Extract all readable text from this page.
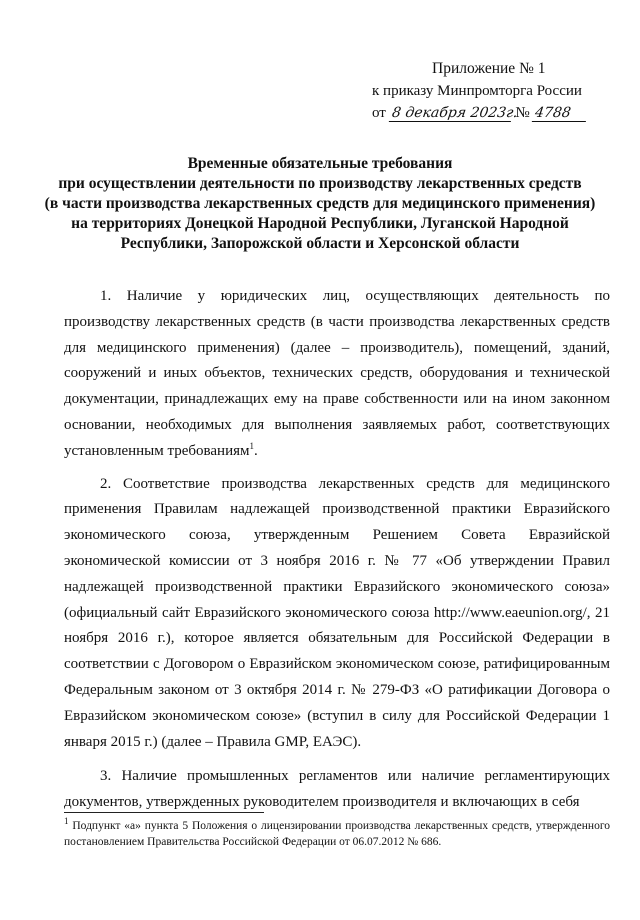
Приложение № 1
к приказу Минпромторга России
от 8 декабря 2023г. № 4788
Временные обязательные требования
при осуществлении деятельности по производству лекарственных средств
(в части производства лекарственных средств для медицинского применения)
на территориях Донецкой Народной Республики, Луганской Народной
Республики, Запорожской области и Херсонской области

1. Наличие у юридических лиц, осуществляющих деятельность по производству лекарственных средств (в части производства лекарственных средств для медицинского применения) (далее – производитель), помещений, зданий, сооружений и иных объектов, технических средств, оборудования и технической документации, принадлежащих ему на праве собственности или на ином законном основании, необходимых для выполнения заявляемых работ, соответствующих установленным требованиям$^1$.

2. Соответствие производства лекарственных средств для медицинского применения Правилам надлежащей производственной практики Евразийского экономического союза, утвержденным Решением Совета Евразийской экономической комиссии от 3 ноября 2016 г. № 77 «Об утверждении Правил надлежащей производственной практики Евразийского экономического союза» (официальный сайт Евразийского экономического союза http://www.eaeunion.org/, 21 ноября 2016 г.), которое является обязательным для Российской Федерации в соответствии с Договором о Евразийском экономическом союзе, ратифицированным Федеральным законом от 3 октября 2014 г. № 279-ФЗ «О ратификации Договора о Евразийском экономическом союзе» (вступил в силу для Российской Федерации 1 января 2015 г.) (далее – Правила GMP, ЕАЭС).

3. Наличие промышленных регламентов или наличие регламентирующих документов, утвержденных руководителем производителя и включающих в себя

$^1$ Подпункт «а» пункта 5 Положения о лицензировании производства лекарственных средств, утвержденного постановлением Правительства Российской Федерации от 06.07.2012 № 686.
